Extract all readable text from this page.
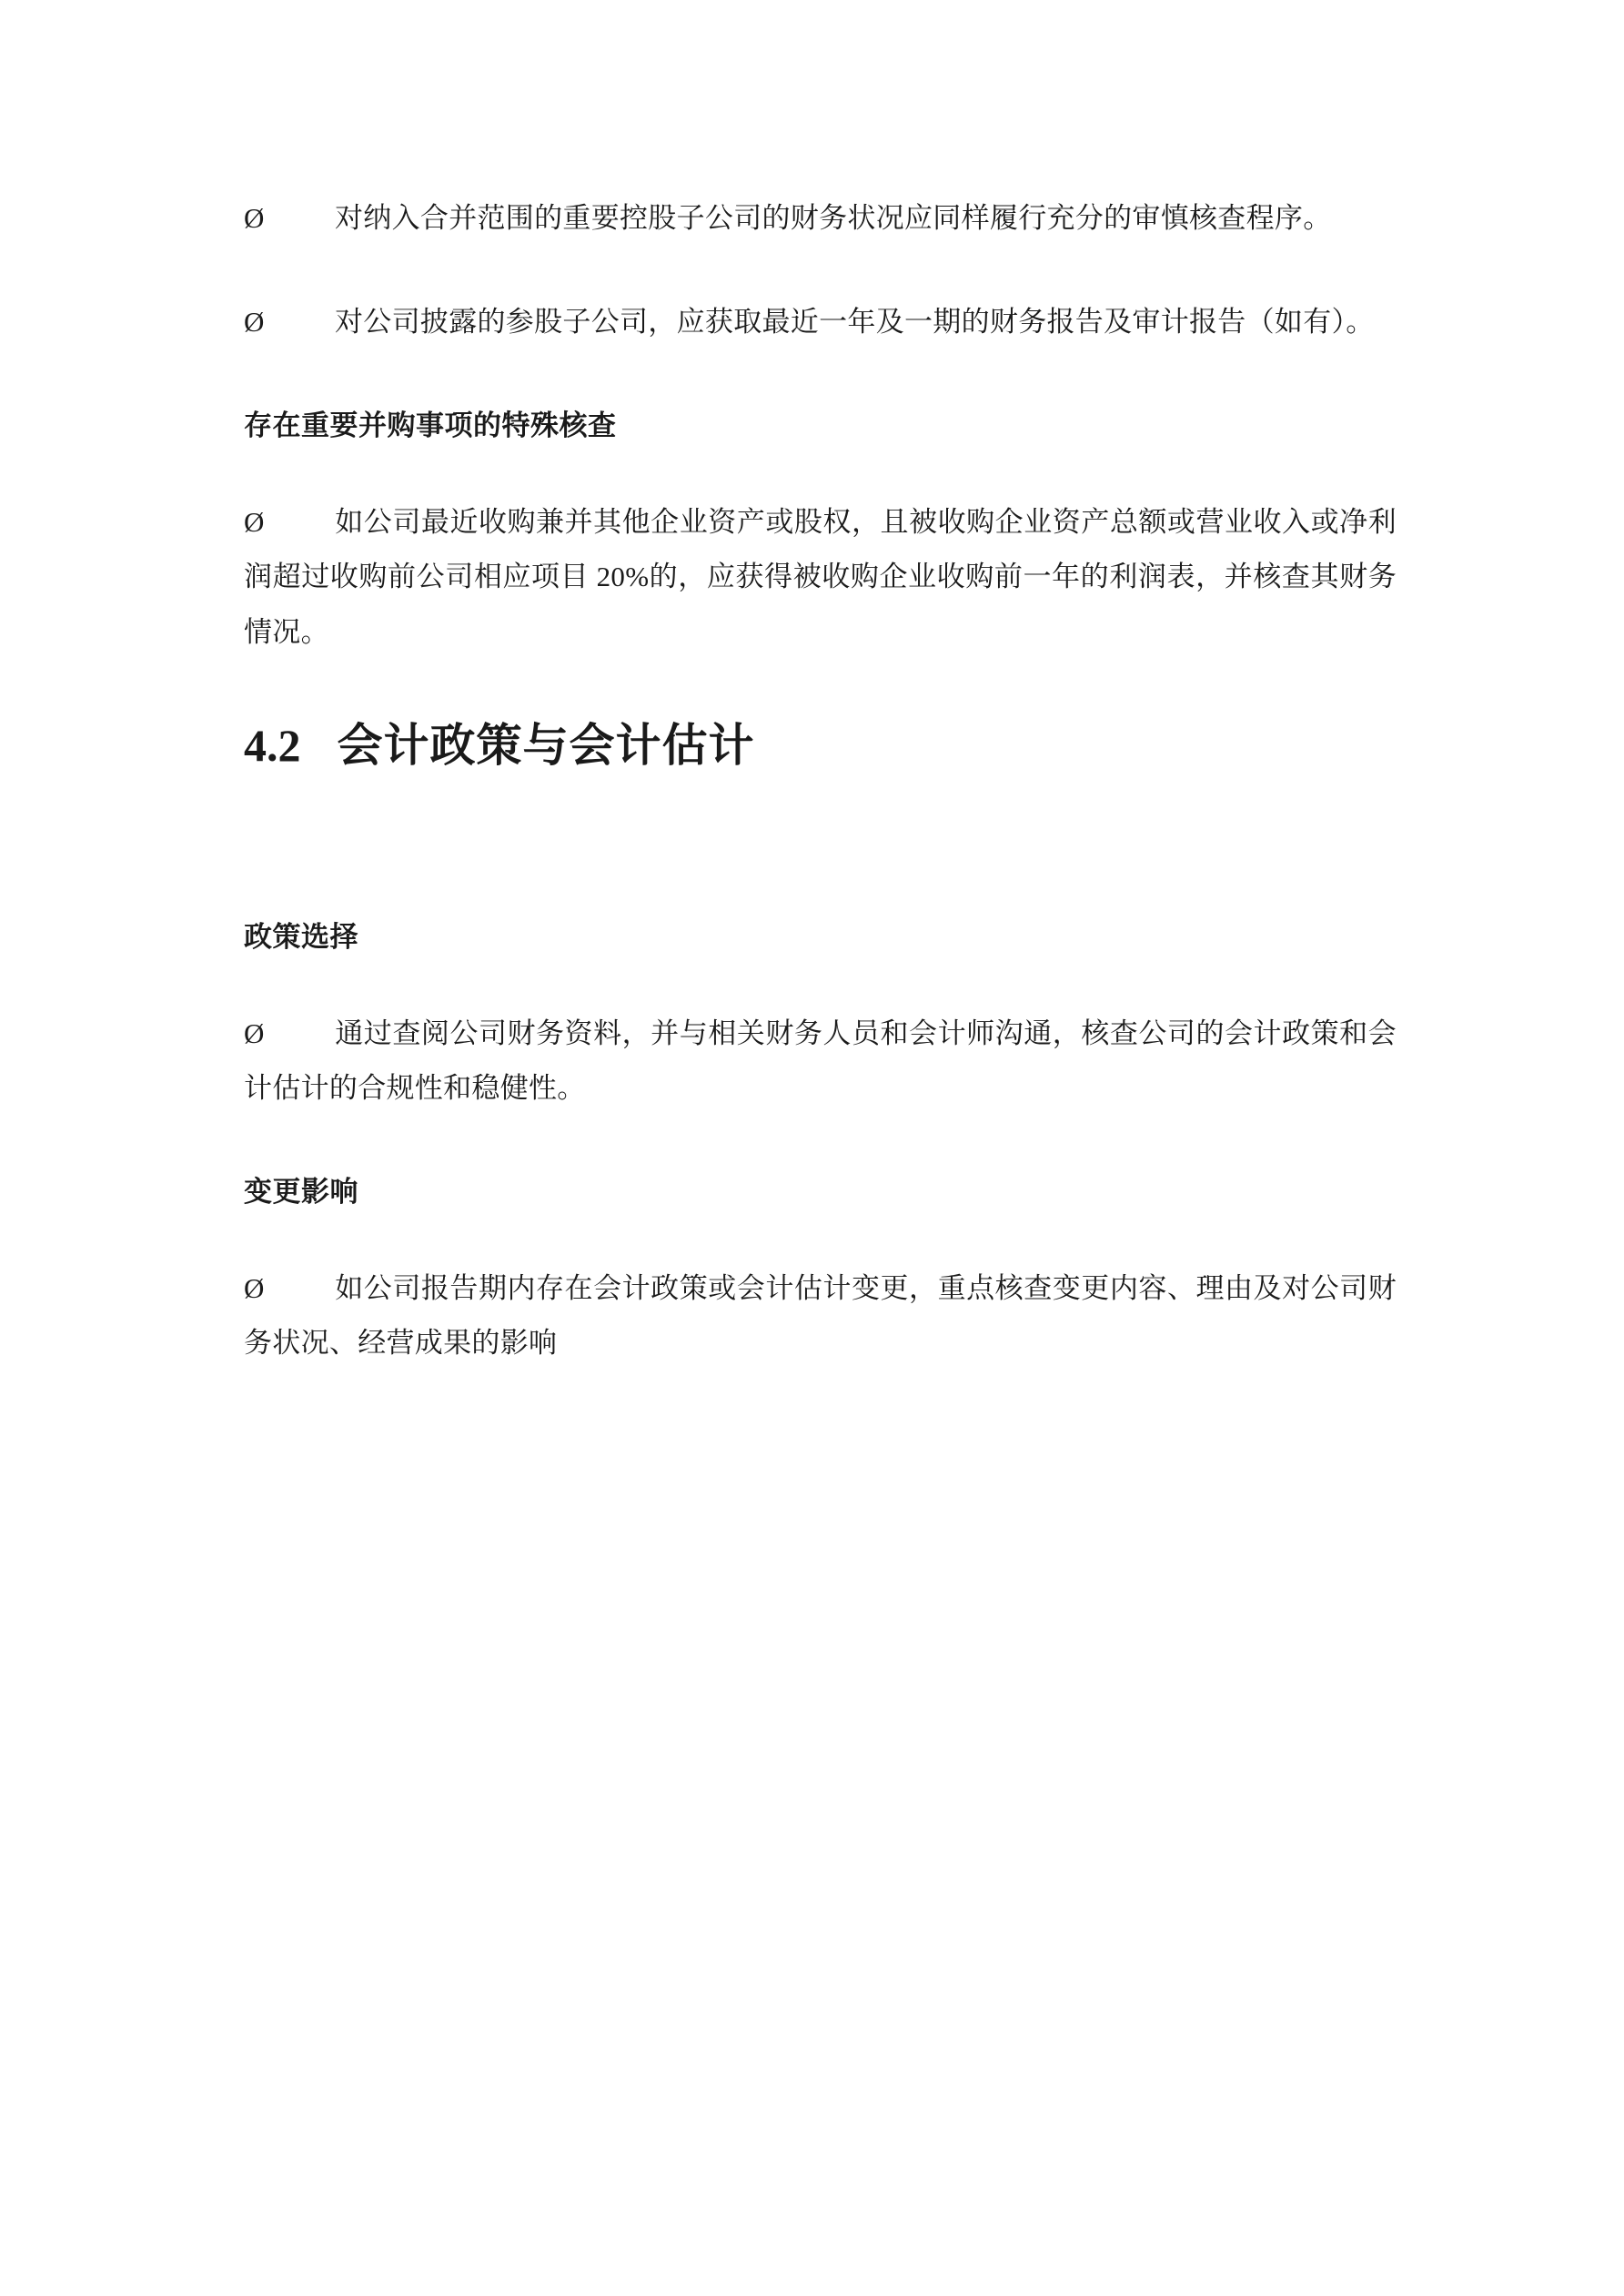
Ø 对纳入合并范围的重要控股子公司的财务状况应同样履行充分的审慎核查程序。

Ø 对公司披露的参股子公司，应获取最近一年及一期的财务报告及审计报告（如有）。

存在重要并购事项的特殊核查

Ø 如公司最近收购兼并其他企业资产或股权，且被收购企业资产总额或营业收入或净利润超过收购前公司相应项目 20%的，应获得被收购企业收购前一年的利润表，并核查其财务情况。

4.2 会计政策与会计估计

政策选择

Ø 通过查阅公司财务资料，并与相关财务人员和会计师沟通，核查公司的会计政策和会计估计的合规性和稳健性。

变更影响

Ø 如公司报告期内存在会计政策或会计估计变更，重点核查变更内容、理由及对公司财务状况、经营成果的影响
